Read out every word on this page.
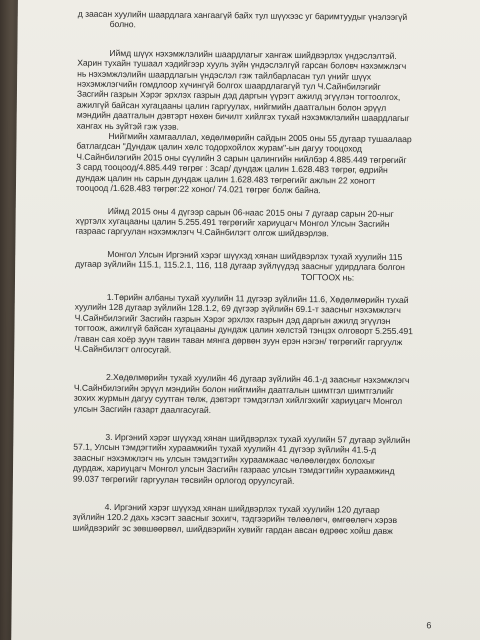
д заасан хуулийн шаардлага хангаагүй байх тул шүүхээс уг баримтуудыг үнэлээгүй

болно.

Иймд шүүх нэхэмжлэлийн шаардлагыг хангаж шийдвэрлэх үндэслэлтэй.

Харин тухайн тушаал хэдийгээр хууль зүйн үндэслэлгүй гарсан боловч нэхэмжлэгч

нь нэхэмжлэлийн шаардлагын үндэслэл гэж тайлбарласан тул үнийг шүүх

нэхэмжлэгчийн гомдлоор хүчингүй болгох шаардлагагүй тул Ч.Сайнбилэгийг

Засгийн газрын Хэрэг эрхлэх газрын дэд даргын үүрэгт ажилд эгүүлэн тогтоолгох,

ажилгүй байсан хугацааны цалин гаргуулах, нийгмийн даатгалын болон эрүүл

мэндийн даатгалын дэвтэрт нөхөн бичилт хийлгэх тухай нэхэмжлэлийн шаардлагыг

хангах нь зүйтэй гэж үзэв.

Нийгмийн хамгааллал, хөдөлмөрийн сайдын 2005 оны 55 дугаар тушаалаар

батлагдсан "Дундаж цалин хөлс тодорхойлох журам"-ын дагуу тооцоход

Ч.Сайнбилэгийн 2015 оны сүүлийн 3 сарын цалингийн нийлбэр 4.885.449 төгрөгийг

3 сард тооцоод/4.885.449 төгрөг : 3сар/ дундаж цалин 1.628.483 төгрөг, өдрийн

дундаж цалин нь сарын дундаж цалин 1.628.483 төгрөгийг ажлын 22 хоногт

тооцоод /1.628.483 төгрөг:22 хоног/ 74.021 төгрөг болж байна.

Иймд 2015 оны 4 дүгээр сарын 06-наас 2015 оны 7 дугаар сарын 20-ныг

хүртэлх хугацааны цалин 5.255.491 төгрөгийг хариуцагч Монгол Улсын Засгийн

газраас гаргуулан нэхэмжлэгч Ч.Сайнбилэгт олгож шийдвэрлэв.

Монгол Улсын Иргэний хэрэг шүүхэд хянан шийдвэрлэх тухай хуулийн 115

дугаар зүйлийн 115.1, 115.2.1, 116, 118 дугаар зүйлүүдэд заасныг удирдлага болгон

ТОГТООХ нь:

1.Төрийн албаны тухай хуулийн 11 дүгээр зүйлийн 11.6, Хөдөлмөрийн тухай

хуулийн 128 дугаар зүйлийн 128.1.2, 69 дүгээр зүйлийн 69.1-т заасныг нэхэмжлэгч

Ч.Сайнбилэгийг Засгийн газрын Хэрэг эрхлэх газрын дэд даргын ажилд эгүүлэн

тогтоож, ажилгүй байсан хугацааны дундаж цалин хөлстэй тэнцэх олговорт 5.255.491

/таван сая хоёр зуун тавин таван мянга дөрвөн зуун ерэн нэгэн/ төгрөгийг гаргуулж

Ч.Сайнбилэгт олгосугай.

2.Хөдөлмөрийн тухай хуулийн 46 дугаар зүйлийн 46.1-д заасныг нэхэмжлэгч

Ч.Сайнбилэгийн эрүүл мэндийн болон нийгмийн даатгалын шимтгэл шимтгэлийг

зохих журмын дагуу суутган төлж, дэвтэрт тэмдэглэл хийлгэхийг хариуцагч Монгол

улсын Засгийн газарт даалгасугай.

3. Иргэний хэрэг шүүхэд хянан шийдвэрлэх тухай хуулийн 57 дугаар зүйлийн

57.1, Улсын тэмдэгтийн хураамжийн тухай хуулийн 41 дүгээр зүйлийн 41.5-д

заасныг нэхэмжлэгч нь улсын тэмдэгтийн хураамжаас чөлөөлөгдөх болохыг

дурдаж, хариуцагч Монгол улсын Засгийн газраас улсын тэмдэгтийн хураамжинд

99.037 төгрөгийг гаргуулан төсвийн орлогод оруулсугай.

4. Иргэний хэрэг шүүхэд хянан шийдвэрлэх тухай хуулийн 120 дугаар

зүйлийн 120.2 дахь хэсэгт заасныг зохигч, тэдгээрийн төлөөлөгч, өмгөөлөгч хэрэв

шийдвэрийг эс зөвшөөрвөл, шийдвэрийн хувийг гардан авсан өдрөөс хойш давж

6
